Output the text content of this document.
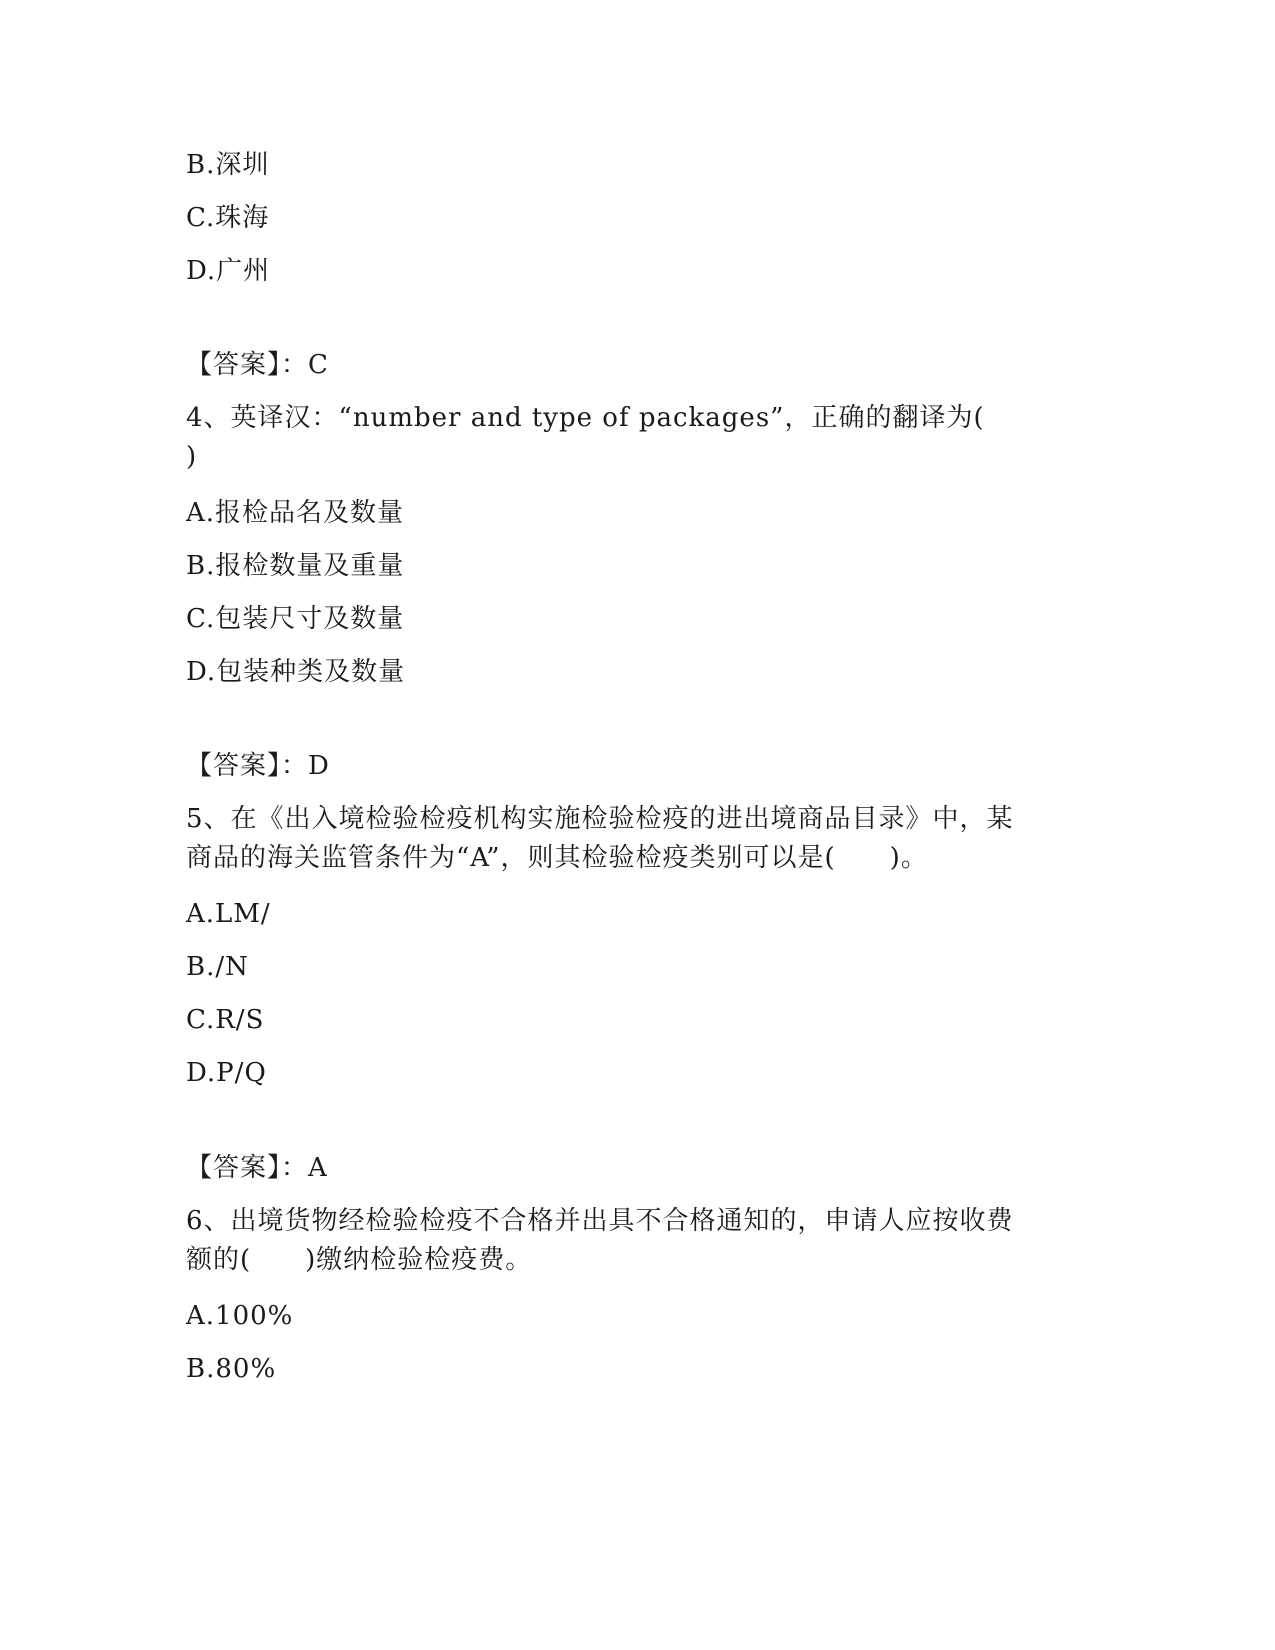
B.深圳
C.珠海
D.广州
【答案】：C
4、英译汉：“number and type of packages”，正确的翻译为(
)
A.报检品名及数量
B.报检数量及重量
C.包装尺寸及数量
D.包装种类及数量
【答案】：D
5、在《出入境检验检疫机构实施检验检疫的进出境商品目录》中，某
商品的海关监管条件为“A”，则其检验检疫类别可以是(　　)。
A.LM/
B./N
C.R/S
D.P/Q
【答案】：A
6、出境货物经检验检疫不合格并出具不合格通知的，申请人应按收费
额的(　　)缴纳检验检疫费。
A.100%
B.80%
